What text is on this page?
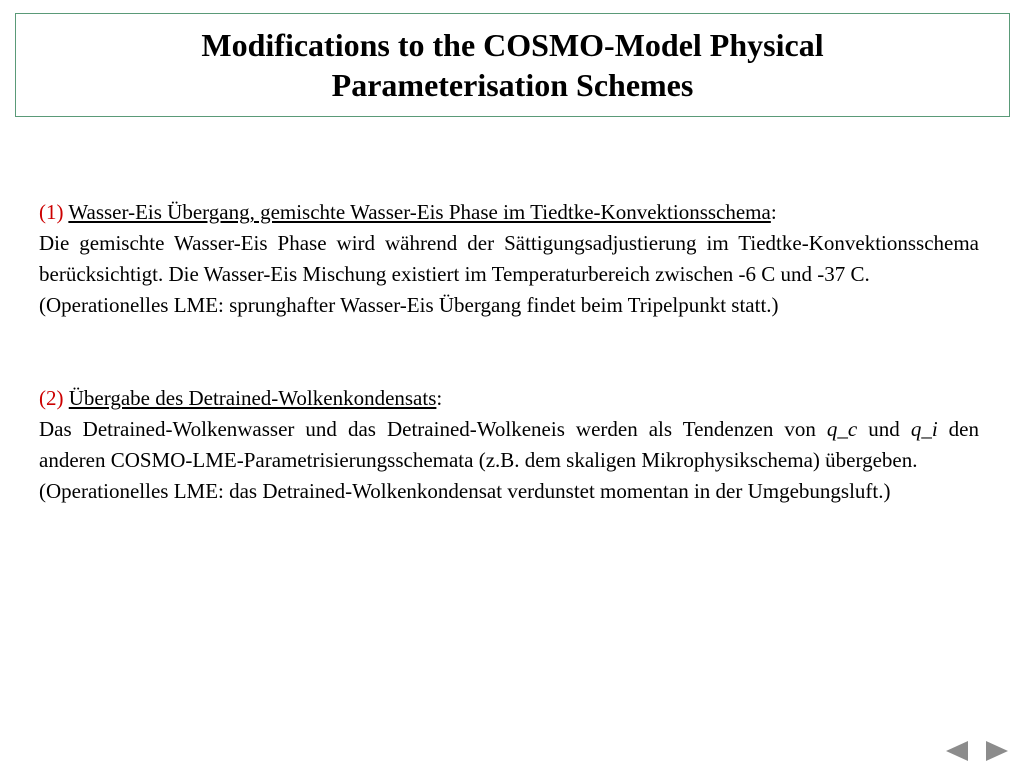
Modifications to the COSMO-Model Physical
Parameterisation Schemes

(1) Wasser-Eis Übergang, gemischte Wasser-Eis Phase im Tiedtke-Konvektionsschema:

Die gemischte Wasser-Eis Phase wird während der Sättigungsadjustierung im Tiedtke-Konvektionsschema berücksichtigt. Die Wasser-Eis Mischung existiert im Temperaturbereich zwischen -6 C und -37 C.

(Operationelles LME: sprunghafter Wasser-Eis Übergang findet beim Tripelpunkt statt.)

(2) Übergabe des Detrained-Wolkenkondensats:

Das Detrained-Wolkenwasser und das Detrained-Wolkeneis werden als Tendenzen von q_c und q_i den anderen COSMO-LME-Parametrisierungsschemata (z.B. dem skaligen Mikrophysikschema) übergeben.

(Operationelles LME: das Detrained-Wolkenkondensat verdunstet momentan in der Umgebungsluft.)
